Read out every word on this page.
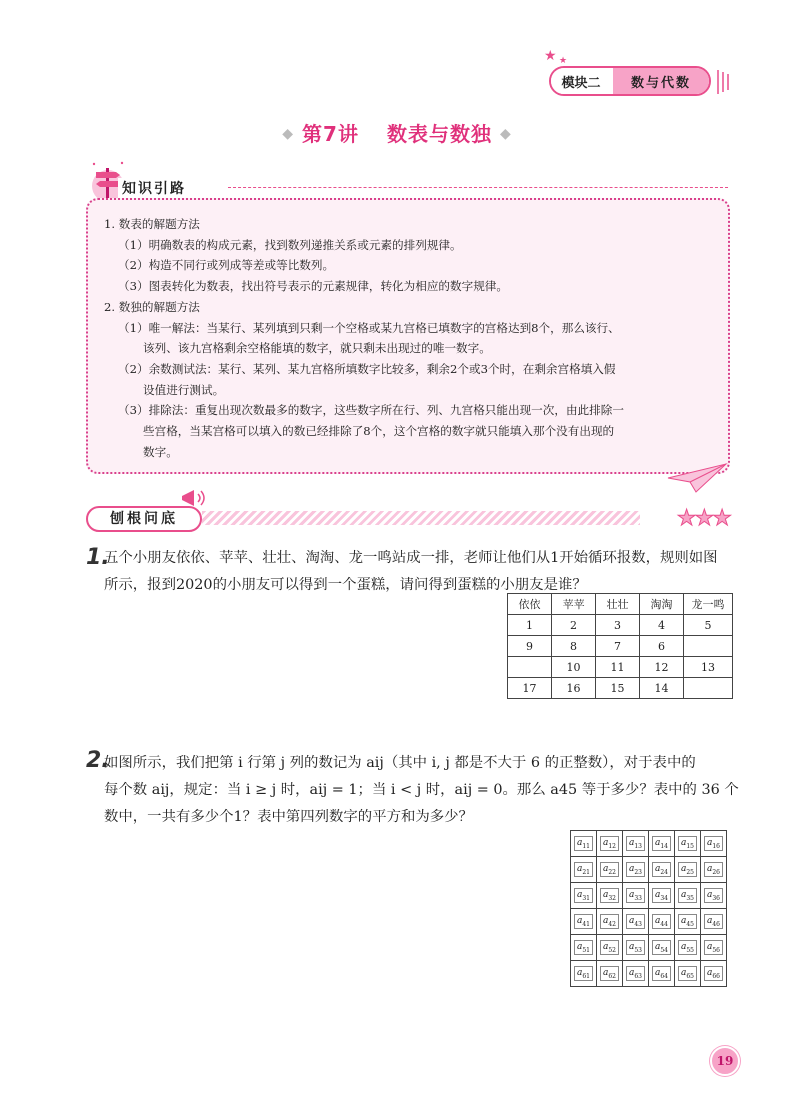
★ ★
模块二	数与代数
◆ 第7讲 数表与数独 ◆
知识引路
1. 数表的解题方法
（1）明确数表的构成元素，找到数列递推关系或元素的排列规律。
（2）构造不同行或列成等差或等比数列。
（3）图表转化为数表，找出符号表示的元素规律，转化为相应的数字规律。
2. 数独的解题方法
（1）唯一解法：当某行、某列填到只剩一个空格或某九宫格已填数字的宫格达到8个，那么该行、
该列、该九宫格剩余空格能填的数字，就只剩未出现过的唯一数字。
（2）余数测试法：某行、某列、某九宫格所填数字比较多，剩余2个或3个时，在剩余宫格填入假
设值进行测试。
（3）排除法：重复出现次数最多的数字，这些数字所在行、列、九宫格只能出现一次，由此排除一
些宫格，当某宫格可以填入的数已经排除了8个，这个宫格的数字就只能填入那个没有出现的
数字。
刨根问底	★★★
1.
五个小朋友依依、苹苹、壮壮、淘淘、龙一鸣站成一排，老师让他们从1开始循环报数，规则如图所示，报到2020的小朋友可以得到一个蛋糕，请问得到蛋糕的小朋友是谁？
依依	苹苹	壮壮	淘淘	龙一鸣
1	2	3	4	5
9	8	7	6	
	10	11	12	13
17	16	15	14	
2.
如图所示，我们把第 i 行第 j 列的数记为 aij（其中 i, j 都是不大于 6 的正整数），对于表中的
每个数 aij，规定：当 i ≥ j 时，aij = 1；当 i < j 时，aij = 0。那么 a45 等于多少？表中的 36 个
数中，一共有多少个1？表中第四列数字的平方和为多少？
$a_{11}$	$a_{12}$	$a_{13}$	$a_{14}$	$a_{15}$	$a_{16}$
$a_{21}$	$a_{22}$	$a_{23}$	$a_{24}$	$a_{25}$	$a_{26}$
$a_{31}$	$a_{32}$	$a_{33}$	$a_{34}$	$a_{35}$	$a_{36}$
$a_{41}$	$a_{42}$	$a_{43}$	$a_{44}$	$a_{45}$	$a_{46}$
$a_{51}$	$a_{52}$	$a_{53}$	$a_{54}$	$a_{55}$	$a_{56}$
$a_{61}$	$a_{62}$	$a_{63}$	$a_{64}$	$a_{65}$	$a_{66}$
19
